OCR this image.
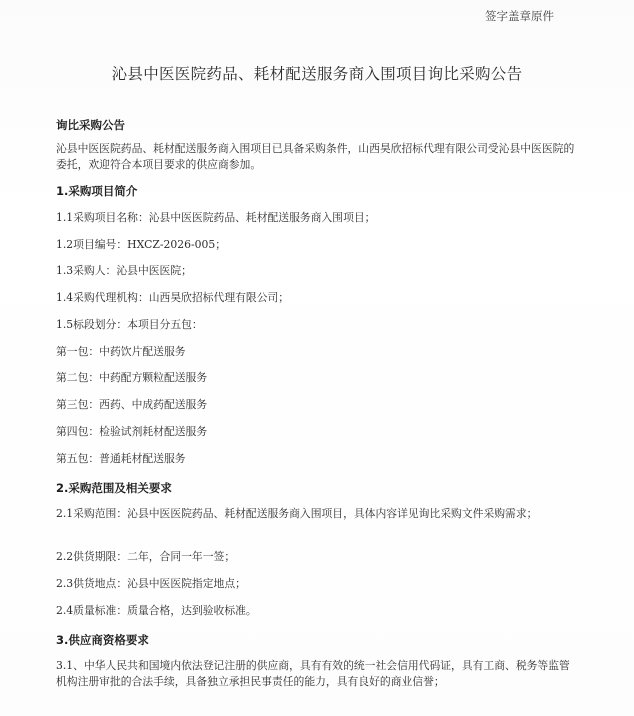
签字盖章原件
沁县中医医院药品、耗材配送服务商入围项目询比采购公告
询比采购公告
沁县中医医院药品、耗材配送服务商入围项目已具备采购条件，山西昊欣招标代理有限公司受沁县中医医院的委托，欢迎符合本项目要求的供应商参加。
1.采购项目简介
1.1采购项目名称：沁县中医医院药品、耗材配送服务商入围项目；
1.2项目编号：HXCZ-2026-005；
1.3采购人：沁县中医医院；
1.4采购代理机构：山西昊欣招标代理有限公司；
1.5标段划分：本项目分五包：
第一包：中药饮片配送服务
第二包：中药配方颗粒配送服务
第三包：西药、中成药配送服务
第四包：检验试剂耗材配送服务
第五包：普通耗材配送服务
2.采购范围及相关要求
2.1采购范围：沁县中医医院药品、耗材配送服务商入围项目，具体内容详见询比采购文件采购需求；
2.2供货期限：二年，合同一年一签；
2.3供货地点：沁县中医医院指定地点；
2.4质量标准：质量合格，达到验收标准。
3.供应商资格要求
3.1、中华人民共和国境内依法登记注册的供应商，具有有效的统一社会信用代码证，具有工商、税务等监管机构注册审批的合法手续，具备独立承担民事责任的能力，具有良好的商业信誉；
